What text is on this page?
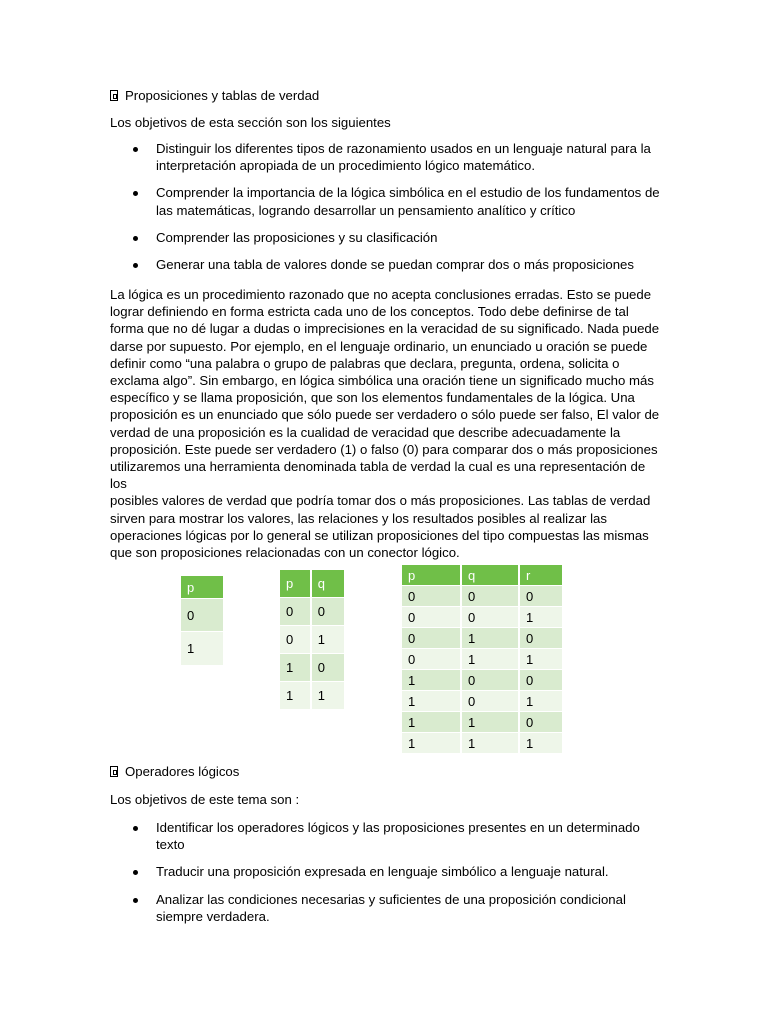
Proposiciones y tablas de verdad
Los objetivos de esta sección son los siguientes
Distinguir los diferentes tipos de razonamiento usados en un lenguaje natural para la
interpretación apropiada de un procedimiento lógico matemático.
Comprender la importancia de la lógica simbólica en el estudio de los fundamentos de
las matemáticas, logrando desarrollar un pensamiento analítico y crítico
Comprender las proposiciones y su clasificación
Generar una tabla de valores donde se puedan comprar dos o más proposiciones
La lógica es un procedimiento razonado que no acepta conclusiones erradas. Esto se puede
lograr definiendo en forma estricta cada uno de los conceptos. Todo debe definirse de tal
forma que no dé lugar a dudas o imprecisiones en la veracidad de su significado. Nada puede
darse por supuesto. Por ejemplo, en el lenguaje ordinario, un enunciado u oración se puede
definir como “una palabra o grupo de palabras que declara, pregunta, ordena, solicita o
exclama algo”. Sin embargo, en lógica simbólica una oración tiene un significado mucho más
específico y se llama proposición, que son los elementos fundamentales de la lógica. Una
proposición es un enunciado que sólo puede ser verdadero o sólo puede ser falso, El valor de
verdad de una proposición es la cualidad de veracidad que describe adecuadamente la
proposición. Este puede ser verdadero (1) o falso (0) para comparar dos o más proposiciones
utilizaremos una herramienta denominada tabla de verdad la cual es una representación de los
posibles valores de verdad que podría tomar dos o más proposiciones. Las tablas de verdad
sirven para mostrar los valores, las relaciones y los resultados posibles al realizar las
operaciones lógicas por lo general se utilizan proposiciones del tipo compuestas las mismas
que son proposiciones relacionadas con un conector lógico.
p
0
1
p	q
0	0
0	1
1	0
1	1
p	q	r
0	0	0
0	0	1
0	1	0
0	1	1
1	0	0
1	0	1
1	1	0
1	1	1
Operadores lógicos
Los objetivos de este tema son :
Identificar los operadores lógicos y las proposiciones presentes en un determinado
texto
Traducir una proposición expresada en lenguaje simbólico a lenguaje natural.
Analizar las condiciones necesarias y suficientes de una proposición condicional
siempre verdadera.
